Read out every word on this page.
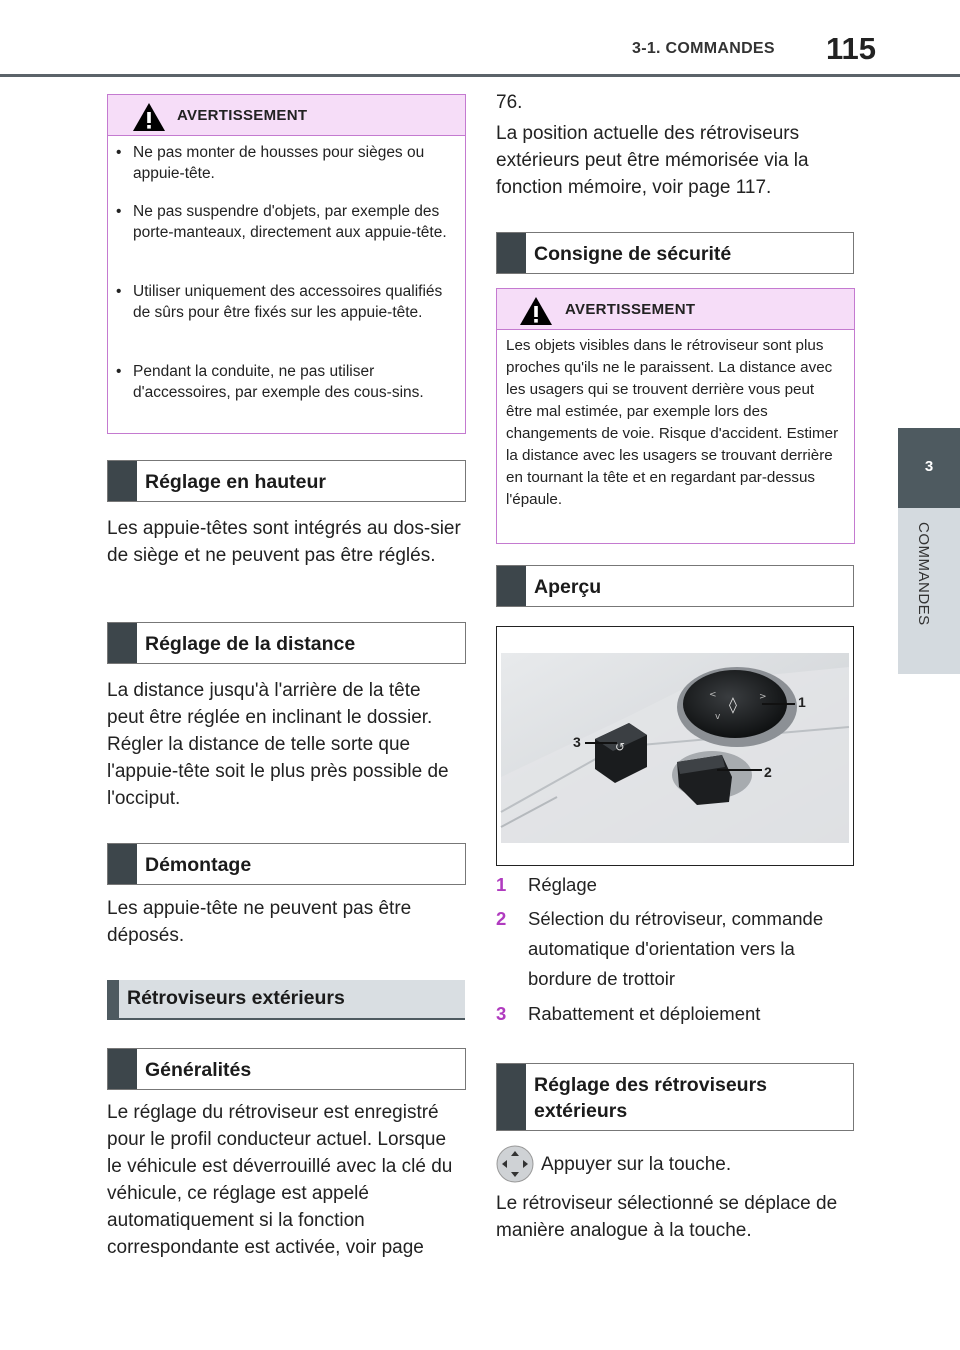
3-1. COMMANDES 115
3
COMMANDES
AVERTISSEMENT
• Ne pas monter de housses pour sièges ou appuie-tête.
• Ne pas suspendre d'objets, par exemple des porte-manteaux, directement aux appuie-tête.
• Utiliser uniquement des accessoires qualifiés de sûrs pour être fixés sur les appuie-tête.
• Pendant la conduite, ne pas utiliser d'accessoires, par exemple des cous-sins.
Réglage en hauteur
Les appuie-têtes sont intégrés au dos-sier de siège et ne peuvent pas être réglés.
Réglage de la distance
La distance jusqu'à l'arrière de la tête peut être réglée en inclinant le dossier.
Régler la distance de telle sorte que l'appuie-tête soit le plus près possible de l'occiput.
Démontage
Les appuie-tête ne peuvent pas être déposés.
Rétroviseurs extérieurs
Généralités
Le réglage du rétroviseur est enregistré pour le profil conducteur actuel. Lorsque le véhicule est déverrouillé avec la clé du véhicule, ce réglage est appelé automatiquement si la fonction correspondante est activée, voir page
76.
La position actuelle des rétroviseurs extérieurs peut être mémorisée via la fonction mémoire, voir page 117.
Consigne de sécurité
AVERTISSEMENT
Les objets visibles dans le rétroviseur sont plus proches qu'ils ne le paraissent. La distance avec les usagers qui se trouvent derrière vous peut être mal estimée, par exemple lors des changements de voie. Risque d'accident. Estimer la distance avec les usagers se trouvant derrière en tournant la tête et en regardant par-dessus l'épaule.
Aperçu
◊
<	>
v
↺
1
3
2
1 Réglage
2 Sélection du rétroviseur, commande automatique d'orientation vers la bordure de trottoir
3 Rabattement et déploiement
Réglage des rétroviseurs extérieurs
Appuyer sur la touche.
Le rétroviseur sélectionné se déplace de manière analogue à la touche.
